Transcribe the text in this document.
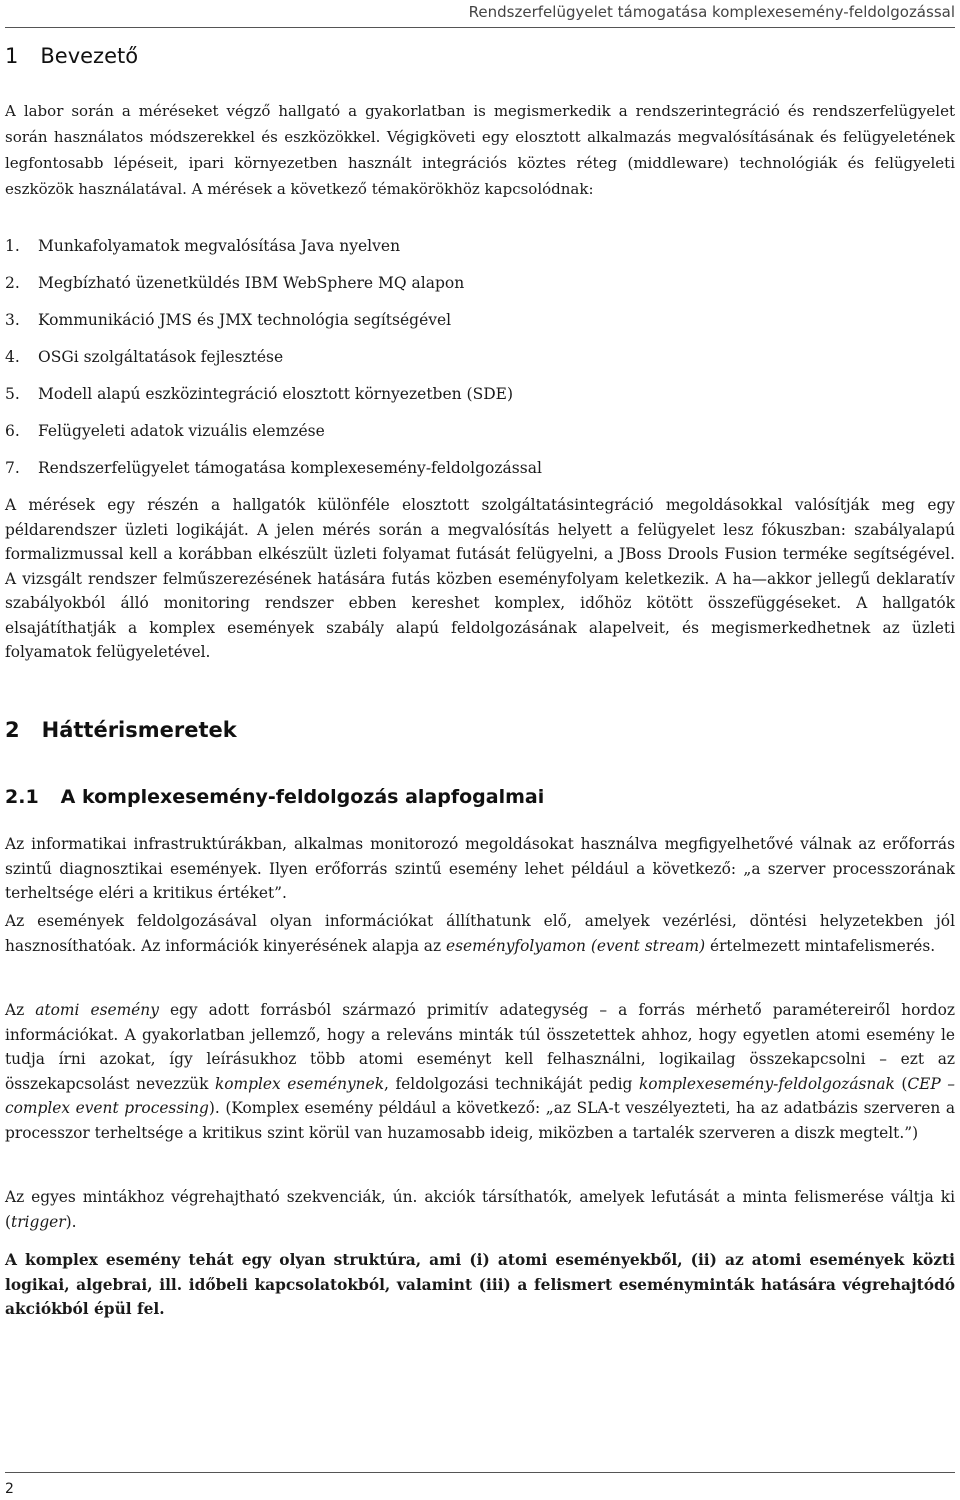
Rendszerfelügyelet támogatása komplexesemény-feldolgozással
1 Bevezető

A labor során a méréseket végző hallgató a gyakorlatban is megismerkedik a rendszerintegráció és rendszerfelügyelet során használatos módszerekkel és eszközökkel. Végigköveti egy elosztott alkalmazás megvalósításának és felügyeletének legfontosabb lépéseit, ipari környezetben használt integrációs köztes réteg (middleware) technológiák és felügyeleti eszközök használatával. A mérések a következő témakörökhöz kapcsolódnak:

1. Munkafolyamatok megvalósítása Java nyelven
2. Megbízható üzenetküldés IBM WebSphere MQ alapon
3. Kommunikáció JMS és JMX technológia segítségével
4. OSGi szolgáltatások fejlesztése
5. Modell alapú eszközintegráció elosztott környezetben (SDE)
6. Felügyeleti adatok vizuális elemzése
7. Rendszerfelügyelet támogatása komplexesemény-feldolgozással

A mérések egy részén a hallgatók különféle elosztott szolgáltatásintegráció megoldásokkal valósítják meg egy példarendszer üzleti logikáját. A jelen mérés során a megvalósítás helyett a felügyelet lesz fókuszban: szabályalapú formalizmussal kell a korábban elkészült üzleti folyamat futását felügyelni, a JBoss Drools Fusion terméke segítségével. A vizsgált rendszer felműszerezésének hatására futás közben eseményfolyam keletkezik. A ha—akkor jellegű deklaratív szabályokból álló monitoring rendszer ebben kereshet komplex, időhöz kötött összefüggéseket. A hallgatók elsajátíthatják a komplex események szabály alapú feldolgozásának alapelveit, és megismerkedhetnek az üzleti folyamatok felügyeletével.

2 Háttérismeretek
2.1 A komplexesemény-feldolgozás alapfogalmai

Az informatikai infrastruktúrákban, alkalmas monitorozó megoldásokat használva megfigyelhetővé válnak az erőforrás szintű diagnosztikai események. Ilyen erőforrás szintű esemény lehet például a következő: „a szerver processzorának terheltsége eléri a kritikus értéket”.

Az események feldolgozásával olyan információkat állíthatunk elő, amelyek vezérlési, döntési helyzetekben jól hasznosíthatóak. Az információk kinyerésének alapja az eseményfolyamon (event stream) értelmezett mintafelismerés.

Az atomi esemény egy adott forrásból származó primitív adategység – a forrás mérhető paramétereiről hordoz információkat. A gyakorlatban jellemző, hogy a releváns minták túl összetettek ahhoz, hogy egyetlen atomi esemény le tudja írni azokat, így leírásukhoz több atomi eseményt kell felhasználni, logikailag összekapcsolni – ezt az összekapcsolást nevezzük komplex eseménynek, feldolgozási technikáját pedig komplexesemény-feldolgozásnak (CEP – complex event processing). (Komplex esemény például a következő: „az SLA-t veszélyezteti, ha az adatbázis szerveren a processzor terheltsége a kritikus szint körül van huzamosabb ideig, miközben a tartalék szerveren a diszk megtelt.”)

Az egyes mintákhoz végrehajtható szekvenciák, ún. akciók társíthatók, amelyek lefutását a minta felismerése váltja ki (trigger).

A komplex esemény tehát egy olyan struktúra, ami (i) atomi eseményekből, (ii) az atomi események közti logikai, algebrai, ill. időbeli kapcsolatokból, valamint (iii) a felismert eseményminták hatására végrehajtódó akciókból épül fel.

2
